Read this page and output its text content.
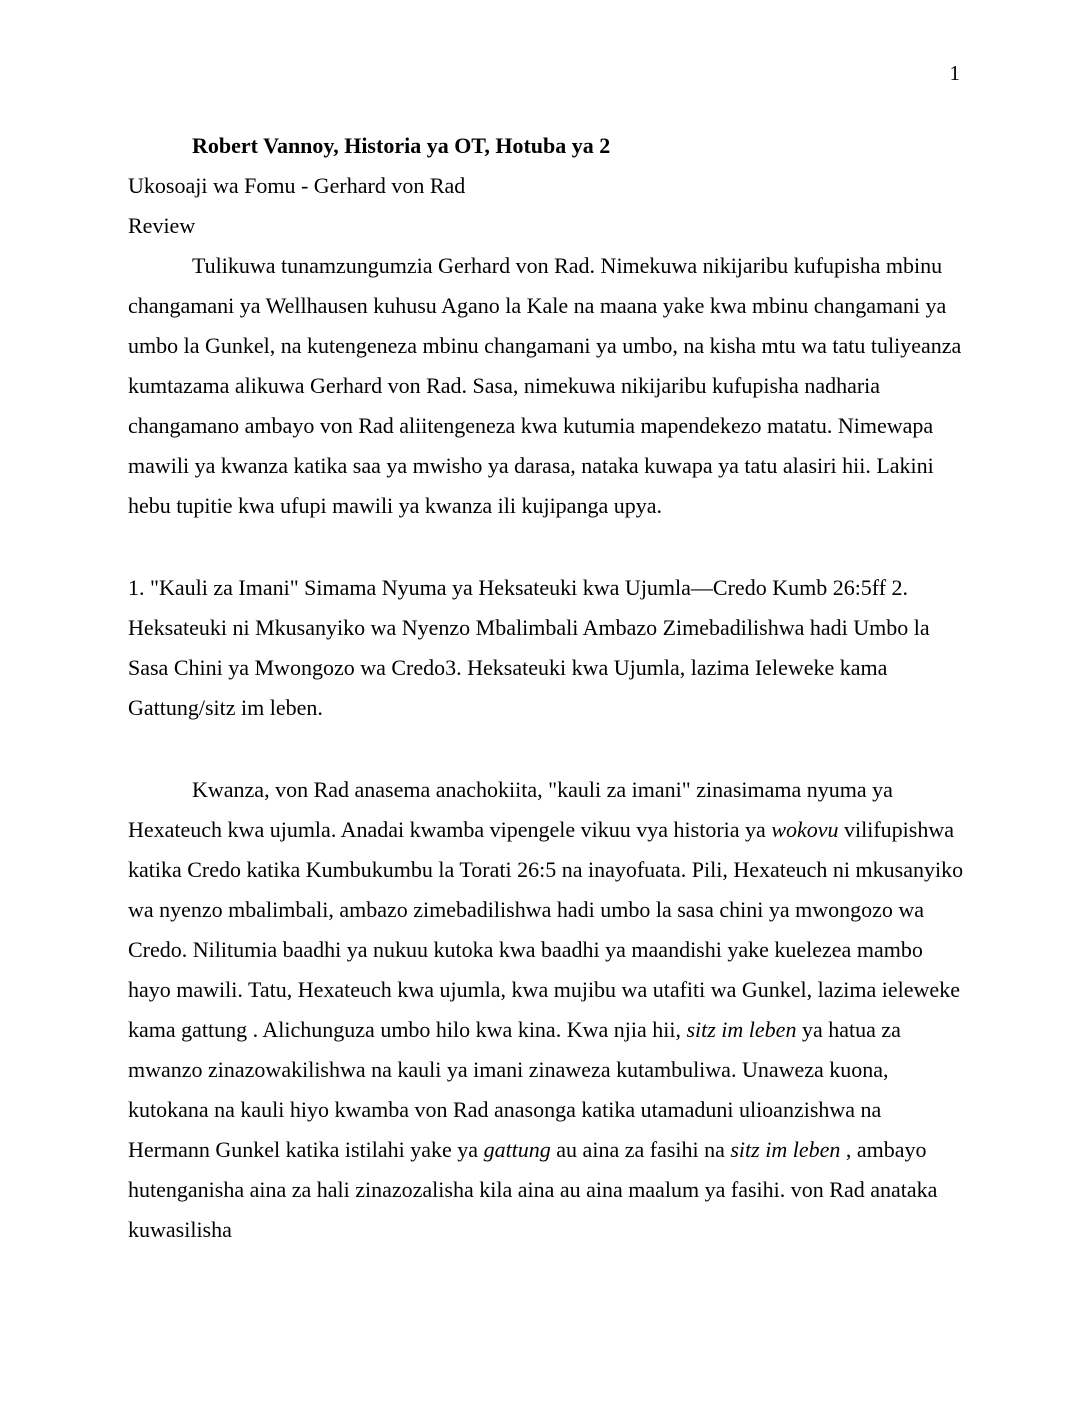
1

Robert Vannoy, Historia ya OT, Hotuba ya 2

Ukosoaji wa Fomu - Gerhard von Rad

Review

Tulikuwa tunamzungumzia Gerhard von Rad. Nimekuwa nikijaribu kufupisha mbinu changamani ya Wellhausen kuhusu Agano la Kale na maana yake kwa mbinu changamani ya umbo la Gunkel, na kutengeneza mbinu changamani ya umbo, na kisha mtu wa tatu tuliyeanza kumtazama alikuwa Gerhard von Rad. Sasa, nimekuwa nikijaribu kufupisha nadharia changamano ambayo von Rad aliitengeneza kwa kutumia mapendekezo matatu. Nimewapa mawili ya kwanza katika saa ya mwisho ya darasa, nataka kuwapa ya tatu alasiri hii. Lakini hebu tupitie kwa ufupi mawili ya kwanza ili kujipanga upya.

1. "Kauli za Imani" Simama Nyuma ya Heksateuki kwa Ujumla—Credo Kumb 26:5ff 2. Heksateuki ni Mkusanyiko wa Nyenzo Mbalimbali Ambazo Zimebadilishwa hadi Umbo la Sasa Chini ya Mwongozo wa Credo3. Heksateuki kwa Ujumla, lazima Ieleweke kama Gattung/sitz im leben.

Kwanza, von Rad anasema anachokiita, "kauli za imani" zinasimama nyuma ya Hexateuch kwa ujumla. Anadai kwamba vipengele vikuu vya historia ya wokovu vilifupishwa katika Credo katika Kumbukumbu la Torati 26:5 na inayofuata. Pili, Hexateuch ni mkusanyiko wa nyenzo mbalimbali, ambazo zimebadilishwa hadi umbo la sasa chini ya mwongozo wa Credo. Nilitumia baadhi ya nukuu kutoka kwa baadhi ya maandishi yake kuelezea mambo hayo mawili. Tatu, Hexateuch kwa ujumla, kwa mujibu wa utafiti wa Gunkel, lazima ieleweke kama gattung . Alichunguza umbo hilo kwa kina. Kwa njia hii, sitz im leben ya hatua za mwanzo zinazowakilishwa na kauli ya imani zinaweza kutambuliwa. Unaweza kuona, kutokana na kauli hiyo kwamba von Rad anasonga katika utamaduni ulioanzishwa na Hermann Gunkel katika istilahi yake ya gattung au aina za fasihi na sitz im leben , ambayo hutenganisha aina za hali zinazozalisha kila aina au aina maalum ya fasihi. von Rad anataka kuwasilisha
